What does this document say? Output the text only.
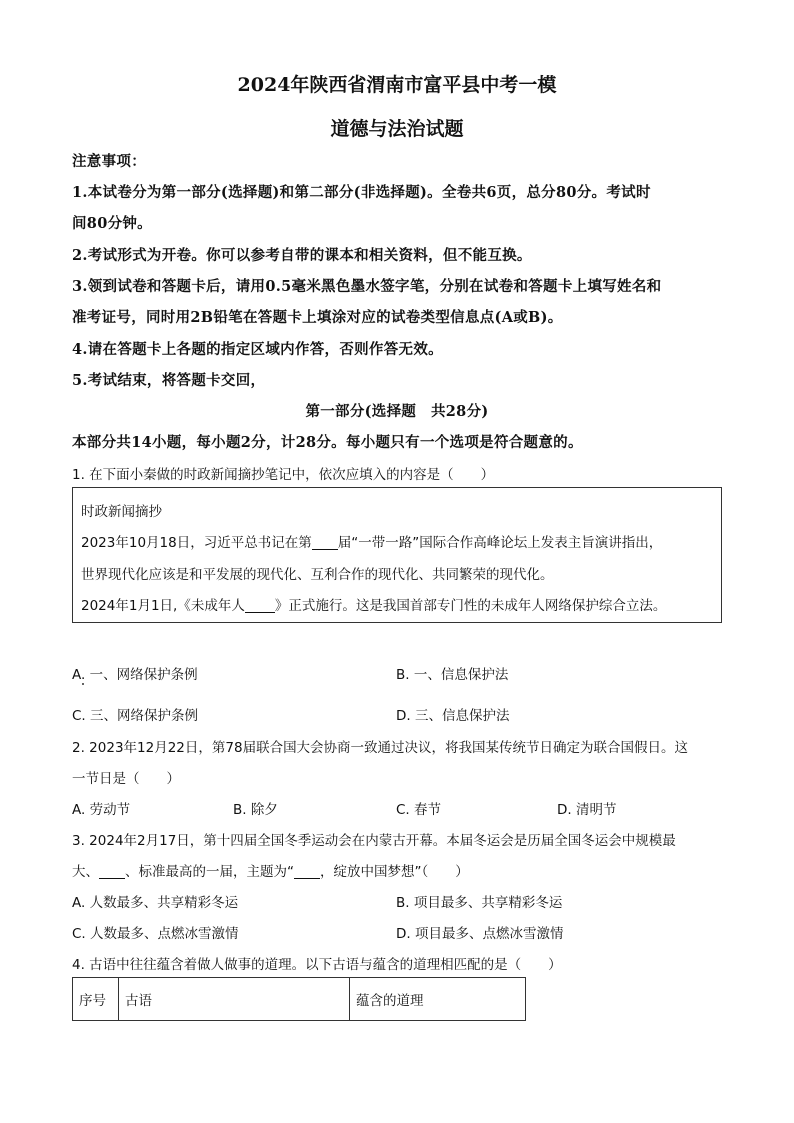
2024年陕西省渭南市富平县中考一模
道德与法治试题
注意事项：
1.本试卷分为第一部分(选择题)和第二部分(非选择题)。全卷共6页，总分80分。考试时
间80分钟。
2.考试形式为开卷。你可以参考自带的课本和相关资料，但不能互换。
3.领到试卷和答题卡后，请用0.5毫米黑色墨水签字笔，分别在试卷和答题卡上填写姓名和
准考证号，同时用2B铅笔在答题卡上填涂对应的试卷类型信息点(A或B)。
4.请在答题卡上各题的指定区域内作答，否则作答无效。
5.考试结束，将答题卡交回，
第一部分(选择题　共28分)
本部分共14小题，每小题2分，计28分。每小题只有一个选项是符合题意的。
1. 在下面小秦做的时政新闻摘抄笔记中，依次应填入的内容是（　　）
时政新闻摘抄
2023年10月18日，习近平总书记在第 届“一带一路”国际合作高峰论坛上发表主旨演讲指出，
世界现代化应该是和平发展的现代化、互利合作的现代化、共同繁荣的现代化。
2024年1月1日,《未成年人 》正式施行。这是我国首部专门性的未成年人网络保护综合立法。
A. 一、网络保护条例	B. 一、信息保护法
C. 三、网络保护条例	D. 三、信息保护法
2. 2023年12月22日，第78届联合国大会协商一致通过决议，将我国某传统节日确定为联合国假日。这
一节日是（　　）
A. 劳动节	B. 除夕	C. 春节	D. 清明节
3. 2024年2月17日，第十四届全国冬季运动会在内蒙古开幕。本届冬运会是历届全国冬运会中规模最
大、 、标准最高的一届，主题为“ ，绽放中国梦想”（　　）
A. 人数最多、共享精彩冬运	B. 项目最多、共享精彩冬运
C. 人数最多、点燃冰雪激情	D. 项目最多、点燃冰雪激情
4. 古语中往往蕴含着做人做事的道理。以下古语与蕴含的道理相匹配的是（　　）
序号	古语	蕴含的道理
